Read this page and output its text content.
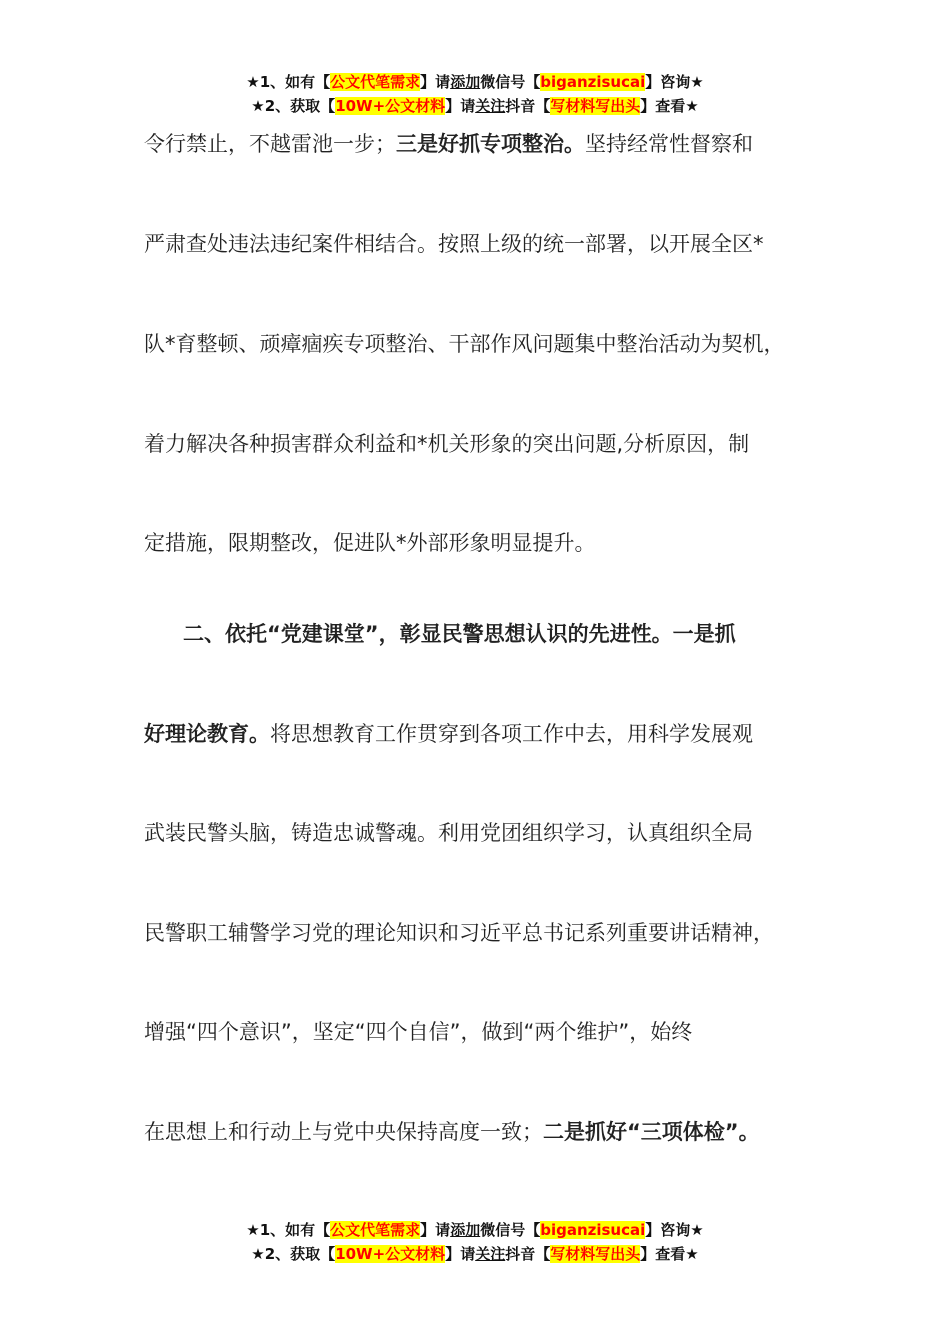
★1、如有【公文代笔需求】请添加微信号【biganzisucai】咨询★
★2、获取【10W+公文材料】请关注抖音【写材料写出头】查看★
令行禁止，不越雷池一步；三是好抓专项整治。坚持经常性督察和
严肃查处违法违纪案件相结合。按照上级的统一部署，以开展全区*
队*育整顿、顽瘴痼疾专项整治、干部作风问题集中整治活动为契机，
着力解决各种损害群众利益和*机关形象的突出问题,分析原因，制
定措施，限期整改，促进队*外部形象明显提升。
二、依托“党建课堂”，彰显民警思想认识的先进性。一是抓
好理论教育。将思想教育工作贯穿到各项工作中去，用科学发展观
武装民警头脑，铸造忠诚警魂。利用党团组织学习，认真组织全局
民警职工辅警学习党的理论知识和习近平总书记系列重要讲话精神，
增强“四个意识”，坚定“四个自信”，做到“两个维护”，始终
在思想上和行动上与党中央保持高度一致；二是抓好“三项体检”。
★1、如有【公文代笔需求】请添加微信号【biganzisucai】咨询★
★2、获取【10W+公文材料】请关注抖音【写材料写出头】查看★
